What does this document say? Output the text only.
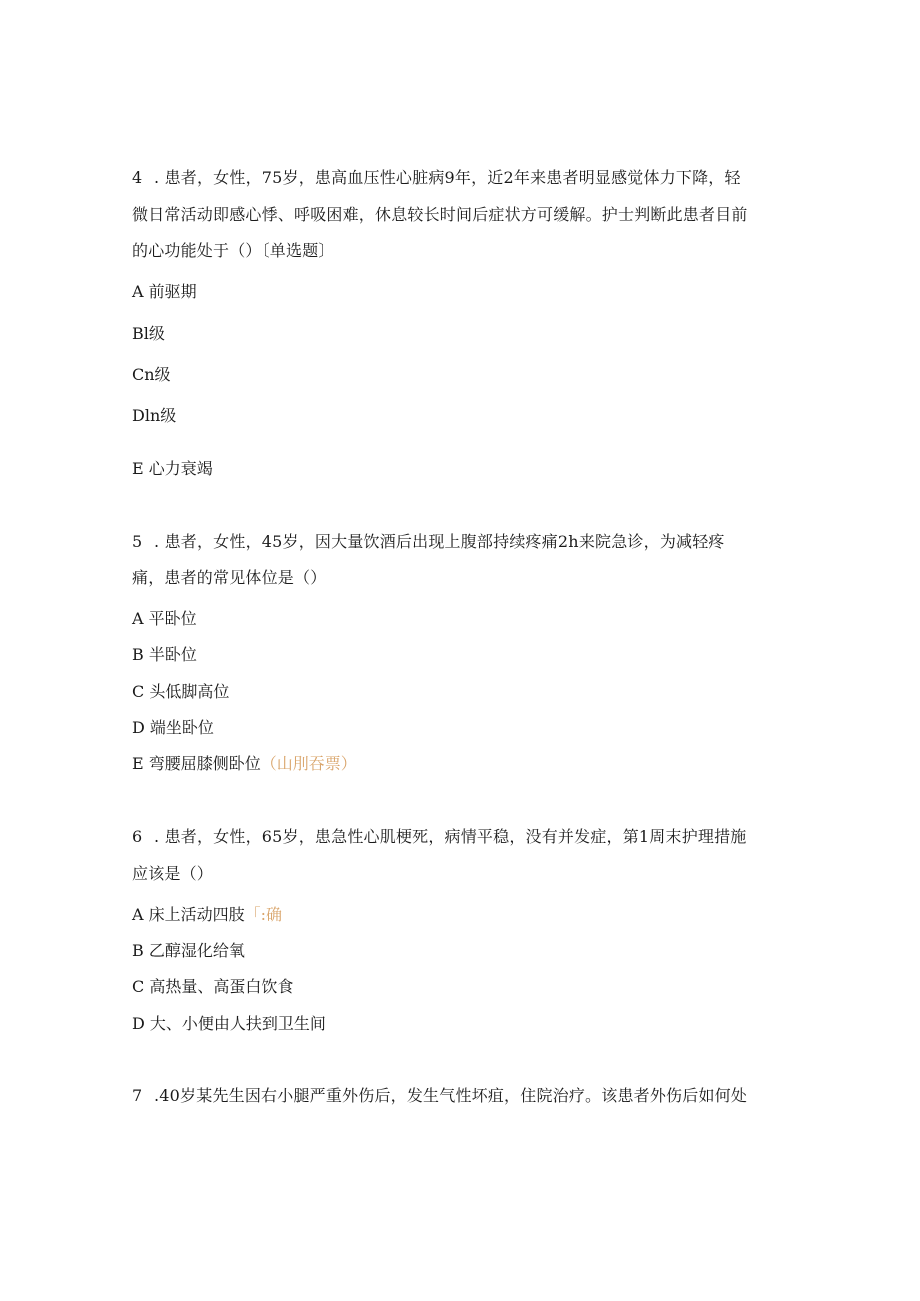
4 . 患者，女性，75岁，患高血压性心脏病9年，近2年来患者明显感觉体力下降，轻
微日常活动即感心悸、呼吸困难，休息较长时间后症状方可缓解。护士判断此患者目前
的心功能处于（）〔单选题〕
A 前驱期
Bl级
Cn级
Dln级
E 心力衰竭
5 . 患者，女性，45岁，因大量饮酒后出现上腹部持续疼痛2h来院急诊，为减轻疼
痛，患者的常见体位是（）
A 平卧位
B 半卧位
C 头低脚高位
D 端坐卧位
E 弯腰屈膝侧卧位（山刖吞票）
6 . 患者，女性，65岁，患急性心肌梗死，病情平稳，没有并发症，第1周末护理措施
应该是（）
A 床上活动四肢「:确
B 乙醇湿化给氧
C 高热量、高蛋白饮食
D 大、小便由人扶到卫生间
7 .40岁某先生因右小腿严重外伤后，发生气性坏疽，住院治疗。该患者外伤后如何处
